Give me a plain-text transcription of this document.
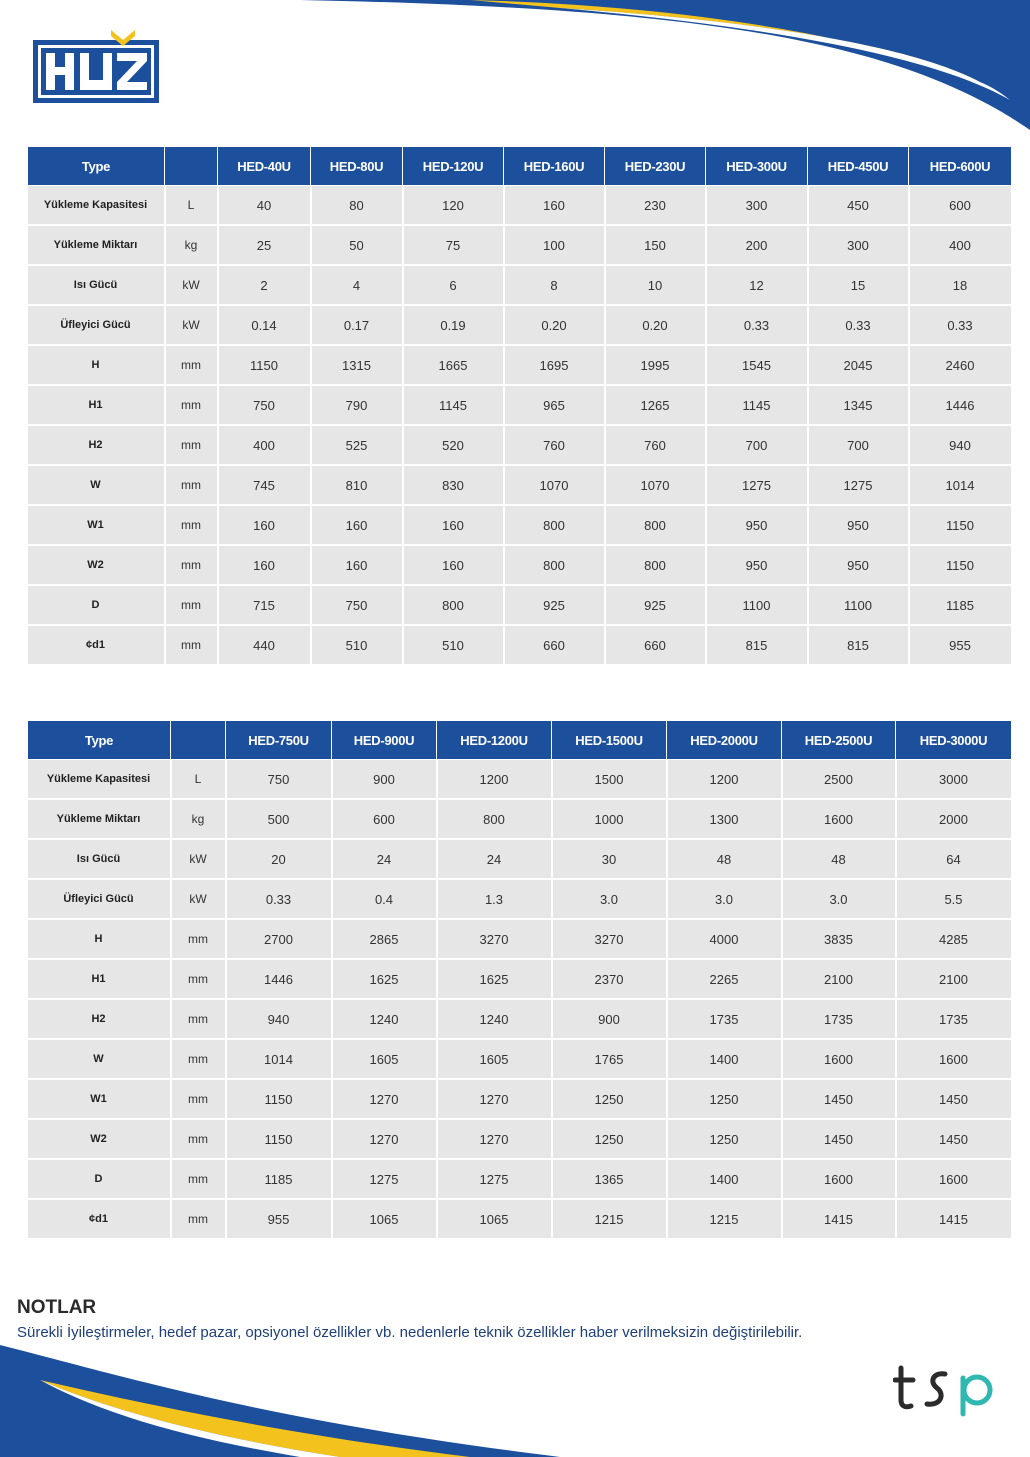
Type		HED-40U	HED-80U	HED-120U	HED-160U	HED-230U	HED-300U	HED-450U	HED-600U
Yükleme Kapasitesi	L	40	80	120	160	230	300	450	600
Yükleme Miktarı	kg	25	50	75	100	150	200	300	400
Isı Gücü	kW	2	4	6	8	10	12	15	18
Üfleyici Gücü	kW	0.14	0.17	0.19	0.20	0.20	0.33	0.33	0.33
H	mm	1150	1315	1665	1695	1995	1545	2045	2460
H1	mm	750	790	1145	965	1265	1145	1345	1446
H2	mm	400	525	520	760	760	700	700	940
W	mm	745	810	830	1070	1070	1275	1275	1014
W1	mm	160	160	160	800	800	950	950	1150
W2	mm	160	160	160	800	800	950	950	1150
D	mm	715	750	800	925	925	1100	1100	1185
¢d1	mm	440	510	510	660	660	815	815	955
Type		HED-750U	HED-900U	HED-1200U	HED-1500U	HED-2000U	HED-2500U	HED-3000U
Yükleme Kapasitesi	L	750	900	1200	1500	1200	2500	3000
Yükleme Miktarı	kg	500	600	800	1000	1300	1600	2000
Isı Gücü	kW	20	24	24	30	48	48	64
Üfleyici Gücü	kW	0.33	0.4	1.3	3.0	3.0	3.0	5.5
H	mm	2700	2865	3270	3270	4000	3835	4285
H1	mm	1446	1625	1625	2370	2265	2100	2100
H2	mm	940	1240	1240	900	1735	1735	1735
W	mm	1014	1605	1605	1765	1400	1600	1600
W1	mm	1150	1270	1270	1250	1250	1450	1450
W2	mm	1150	1270	1270	1250	1250	1450	1450
D	mm	1185	1275	1275	1365	1400	1600	1600
¢d1	mm	955	1065	1065	1215	1215	1415	1415

NOTLAR

Sürekli İyileştirmeler, hedef pazar, opsiyonel özellikler vb. nedenlerle teknik özellikler haber verilmeksizin değiştirilebilir.
